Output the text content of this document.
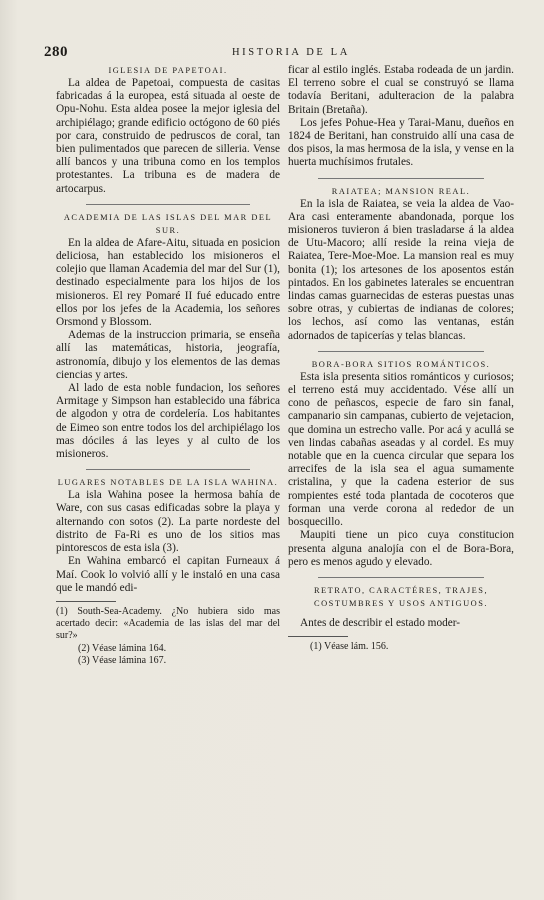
280	HISTORIA DE LA

IGLESIA DE PAPETOAI.

La aldea de Papetoai, compuesta de casitas fabricadas á la europea, está situada al oeste de Opu-Nohu. Esta aldea posee la mejor iglesia del archipiélago; grande edificio octógono de 60 piés por cara, construido de pedruscos de coral, tan bien pulimentados que parecen de silleria. Vense allí bancos y una tribuna como en los templos protestantes. La tribuna es de madera de artocarpus.

ACADEMIA DE LAS ISLAS DEL MAR DEL SUR.

En la aldea de Afare-Aitu, situada en posicion deliciosa, han establecido los misioneros el colejio que llaman Academia del mar del Sur (1), destinado especialmente para los hijos de los misioneros. El rey Pomaré II fué educado entre ellos por los jefes de la Academia, los señores Orsmond y Blossom.

Ademas de la instruccion primaria, se enseña allí las matemáticas, historia, jeografía, astronomía, dibujo y los elementos de las demas ciencias y artes.

Al lado de esta noble fundacion, los señores Armitage y Simpson han establecido una fábrica de algodon y otra de cordelería. Los habitantes de Eimeo son entre todos los del archipiélago los mas dóciles á las leyes y al culto de los misioneros.

LUGARES NOTABLES DE LA ISLA WAHINA.

La isla Wahina posee la hermosa bahía de Ware, con sus casas edificadas sobre la playa y alternando con sotos (2). La parte nordeste del distrito de Fa-Ri es uno de los sitios mas pintorescos de esta isla (3).

En Wahina embarcó el capitan Furneaux á Maí. Cook lo volvió allí y le instaló en una casa que le mandó edi-

(1) South-Sea-Academy. ¿No hubiera sido mas acertado decir: «Academia de las islas del mar del sur?»

(2) Véase lámina 164.

(3) Véase lámina 167.

ficar al estilo inglés. Estaba rodeada de un jardin. El terreno sobre el cual se construyó se llama todavía Beritani, adulteracion de la palabra Britain (Bretaña).

Los jefes Pohue-Hea y Tarai-Manu, dueños en 1824 de Beritani, han construido allí una casa de dos pisos, la mas hermosa de la isla, y vense en la huerta muchísimos frutales.

RAIATEA; MANSION REAL.

En la isla de Raiatea, se veia la aldea de Vao-Ara casi enteramente abandonada, porque los misioneros tuvieron á bien trasladarse á la aldea de Utu-Macoro; allí reside la reina vieja de Raiatea, Tere-Moe-Moe. La mansion real es muy bonita (1); los artesones de los aposentos están pintados. En los gabinetes laterales se encuentran lindas camas guarnecidas de esteras puestas unas sobre otras, y cubiertas de indianas de colores; los lechos, así como las ventanas, están adornados de tapicerías y telas blancas.

BORA-BORA SITIOS ROMÁNTICOS.

Esta isla presenta sitios románticos y curiosos; el terreno está muy accidentado. Vése allí un cono de peñascos, especie de faro sin fanal, campanario sin campanas, cubierto de vejetacion, que domina un estrecho valle. Por acá y acullá se ven lindas cabañas aseadas y al cordel. Es muy notable que en la cuenca circular que separa los arrecifes de la isla sea el agua sumamente cristalina, y que la cadena esterior de sus rompientes esté toda plantada de cocoteros que forman una verde corona al rededor de un bosquecillo.

Maupiti tiene un pico cuya constitucion presenta alguna analojía con el de Bora-Bora, pero es menos agudo y elevado.

RETRATO, CARACTÉRES, TRAJES, COSTUMBRES Y USOS ANTIGUOS.

Antes de describir el estado moder-

(1) Véase lám. 156.
